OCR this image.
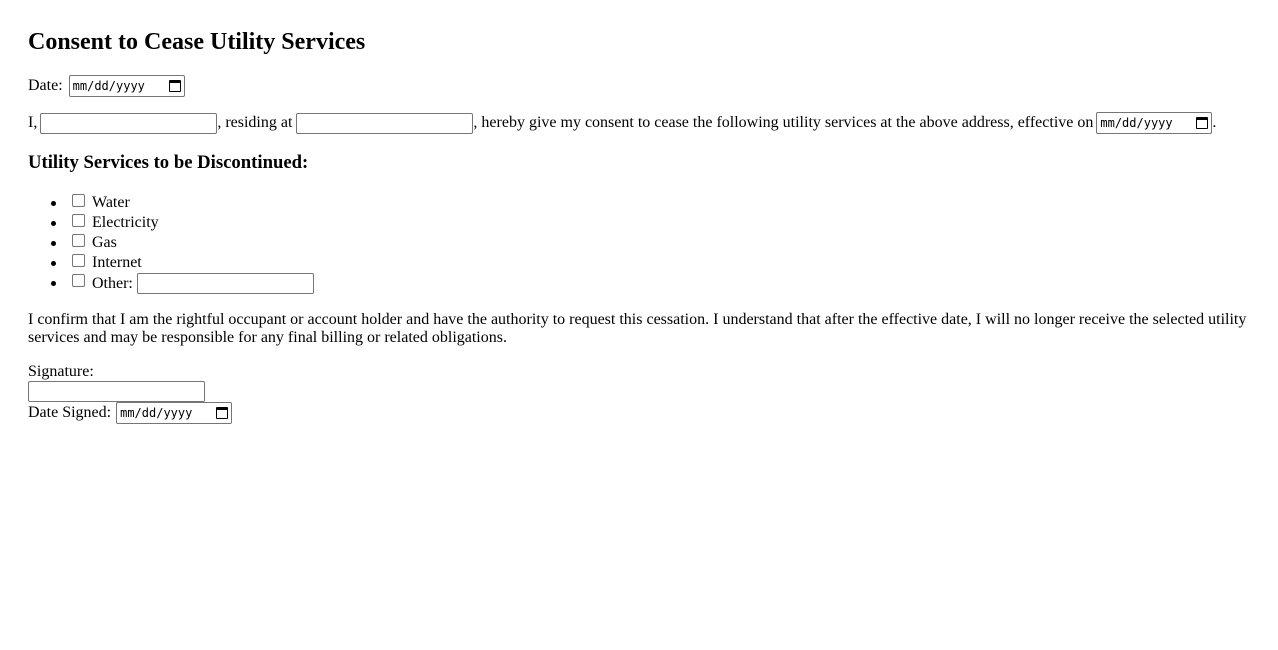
Consent to Cease Utility Services
Date: mm/dd/yyyy
I,	, residing at	, hereby give my consent to cease the following utility services at the above address, effective on mm/dd/yyyy .
Utility Services to be Discontinued:
Water
Electricity
Gas
Internet
Other:

I confirm that I am the rightful occupant or account holder and have the authority to request this cessation. I understand that after the effective date, I will no longer receive the selected utility services and may be responsible for any final billing or related obligations.

Signature:
Date Signed: mm/dd/yyyy
